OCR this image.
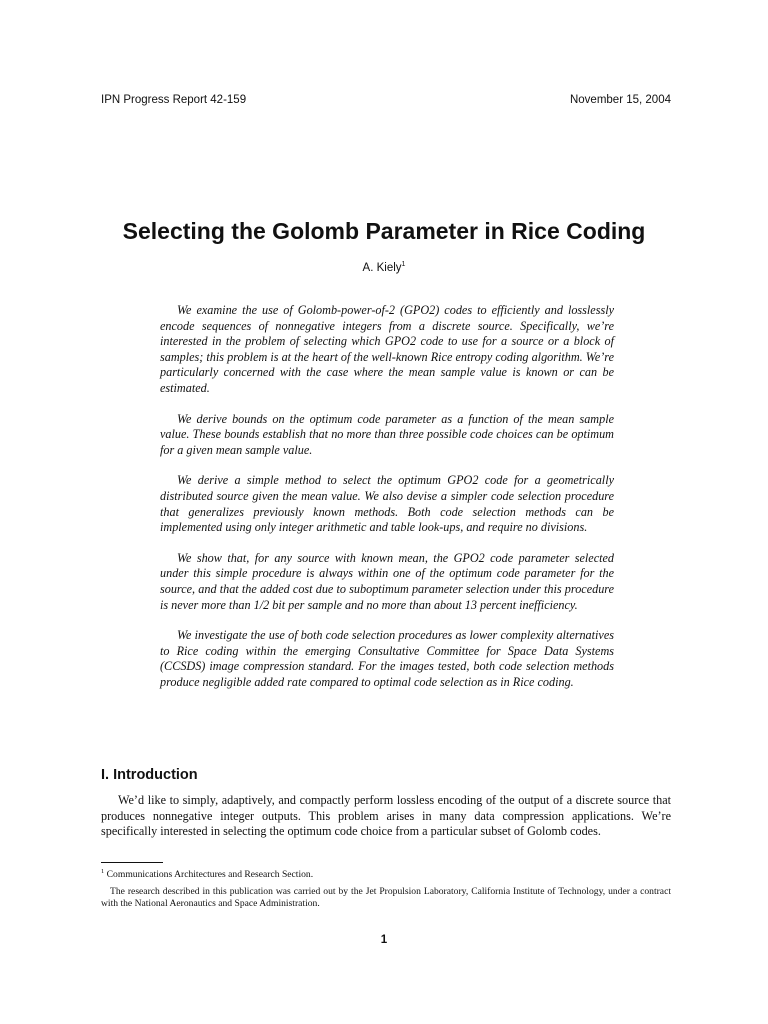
IPN Progress Report 42-159	November 15, 2004
Selecting the Golomb Parameter in Rice Coding
A. Kiely$^1$

We examine the use of Golomb-power-of-2 (GPO2) codes to efficiently and losslessly encode sequences of nonnegative integers from a discrete source. Specifically, we’re interested in the problem of selecting which GPO2 code to use for a source or a block of samples; this problem is at the heart of the well-known Rice entropy coding algorithm. We’re particularly concerned with the case where the mean sample value is known or can be estimated.

We derive bounds on the optimum code parameter as a function of the mean sample value. These bounds establish that no more than three possible code choices can be optimum for a given mean sample value.

We derive a simple method to select the optimum GPO2 code for a geometrically distributed source given the mean value. We also devise a simpler code selection procedure that generalizes previously known methods. Both code selection methods can be implemented using only integer arithmetic and table look-ups, and require no divisions.

We show that, for any source with known mean, the GPO2 code parameter selected under this simple procedure is always within one of the optimum code parameter for the source, and that the added cost due to suboptimum parameter selection under this procedure is never more than 1/2 bit per sample and no more than about 13 percent inefficiency.

We investigate the use of both code selection procedures as lower complexity alternatives to Rice coding within the emerging Consultative Committee for Space Data Systems (CCSDS) image compression standard. For the images tested, both code selection methods produce negligible added rate compared to optimal code selection as in Rice coding.

I. Introduction

We’d like to simply, adaptively, and compactly perform lossless encoding of the output of a discrete source that produces nonnegative integer outputs. This problem arises in many data compression applications. We’re specifically interested in selecting the optimum code choice from a particular subset of Golomb codes.

$^1$ Communications Architectures and Research Section.

The research described in this publication was carried out by the Jet Propulsion Laboratory, California Institute of Technology, under a contract with the National Aeronautics and Space Administration.

1
